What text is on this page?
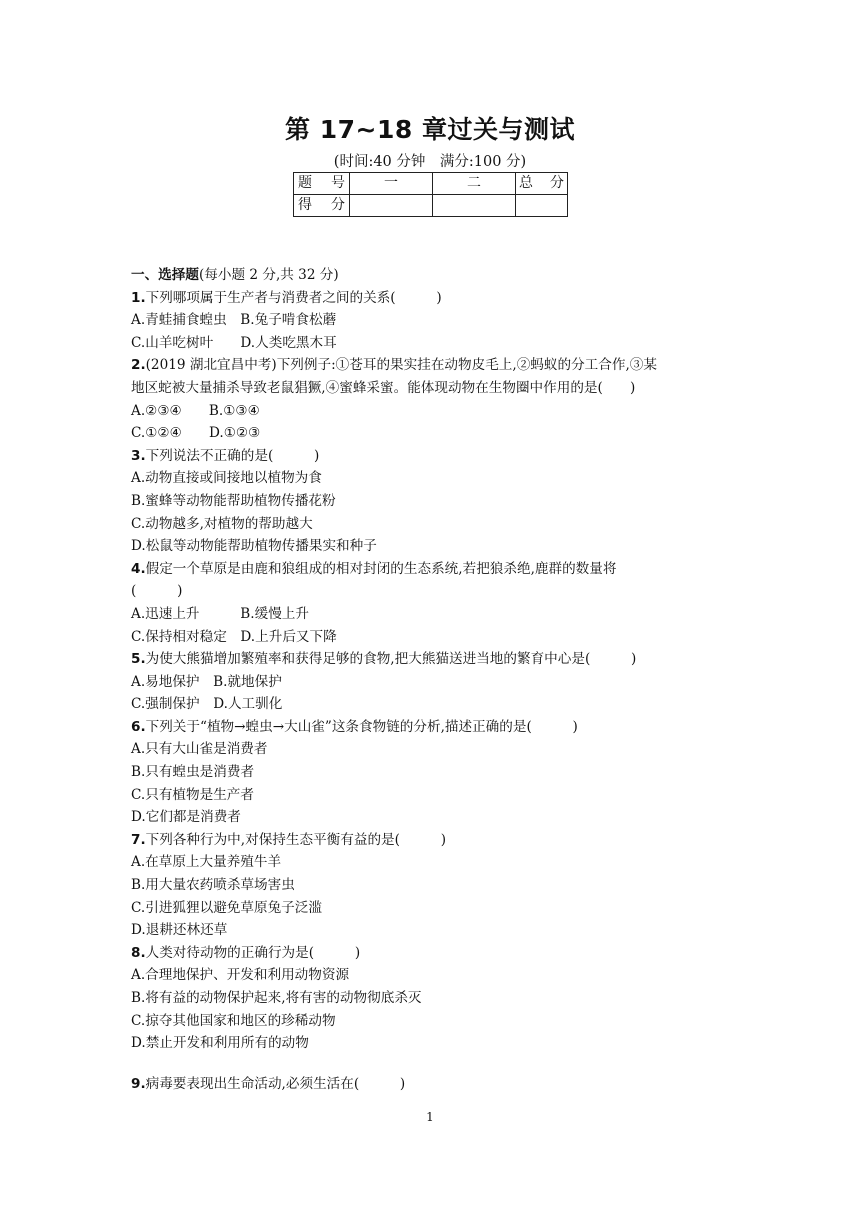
第 17~18 章过关与测试
(时间:40 分钟　满分:100 分)
题　号	一	二	总　分
得　分			
一、选择题(每小题 2 分,共 32 分)
1.下列哪项属于生产者与消费者之间的关系(　　　)
A.青蛙捕食蝗虫　B.兔子啃食松蘑
C.山羊吃树叶　　D.人类吃黑木耳
2.(2019 湖北宜昌中考)下列例子:①苍耳的果实挂在动物皮毛上,②蚂蚁的分工合作,③某
地区蛇被大量捕杀导致老鼠猖獗,④蜜蜂采蜜。能体现动物在生物圈中作用的是(　　)
A.②③④　　B.①③④
C.①②④　　D.①②③
3.下列说法不正确的是(　　　)
A.动物直接或间接地以植物为食
B.蜜蜂等动物能帮助植物传播花粉
C.动物越多,对植物的帮助越大
D.松鼠等动物能帮助植物传播果实和种子
4.假定一个草原是由鹿和狼组成的相对封闭的生态系统,若把狼杀绝,鹿群的数量将
(　　　)
A.迅速上升　　　B.缓慢上升
C.保持相对稳定　D.上升后又下降
5.为使大熊猫增加繁殖率和获得足够的食物,把大熊猫送进当地的繁育中心是(　　　)
A.易地保护　B.就地保护
C.强制保护　D.人工驯化
6.下列关于“植物→蝗虫→大山雀”这条食物链的分析,描述正确的是(　　　)
A.只有大山雀是消费者
B.只有蝗虫是消费者
C.只有植物是生产者
D.它们都是消费者
7.下列各种行为中,对保持生态平衡有益的是(　　　)
A.在草原上大量养殖牛羊
B.用大量农药喷杀草场害虫
C.引进狐狸以避免草原兔子泛滥
D.退耕还林还草
8.人类对待动物的正确行为是(　　　)
A.合理地保护、开发和利用动物资源
B.将有益的动物保护起来,将有害的动物彻底杀灭
C.掠夺其他国家和地区的珍稀动物
D.禁止开发和利用所有的动物
9.病毒要表现出生命活动,必须生活在(　　　)
1
